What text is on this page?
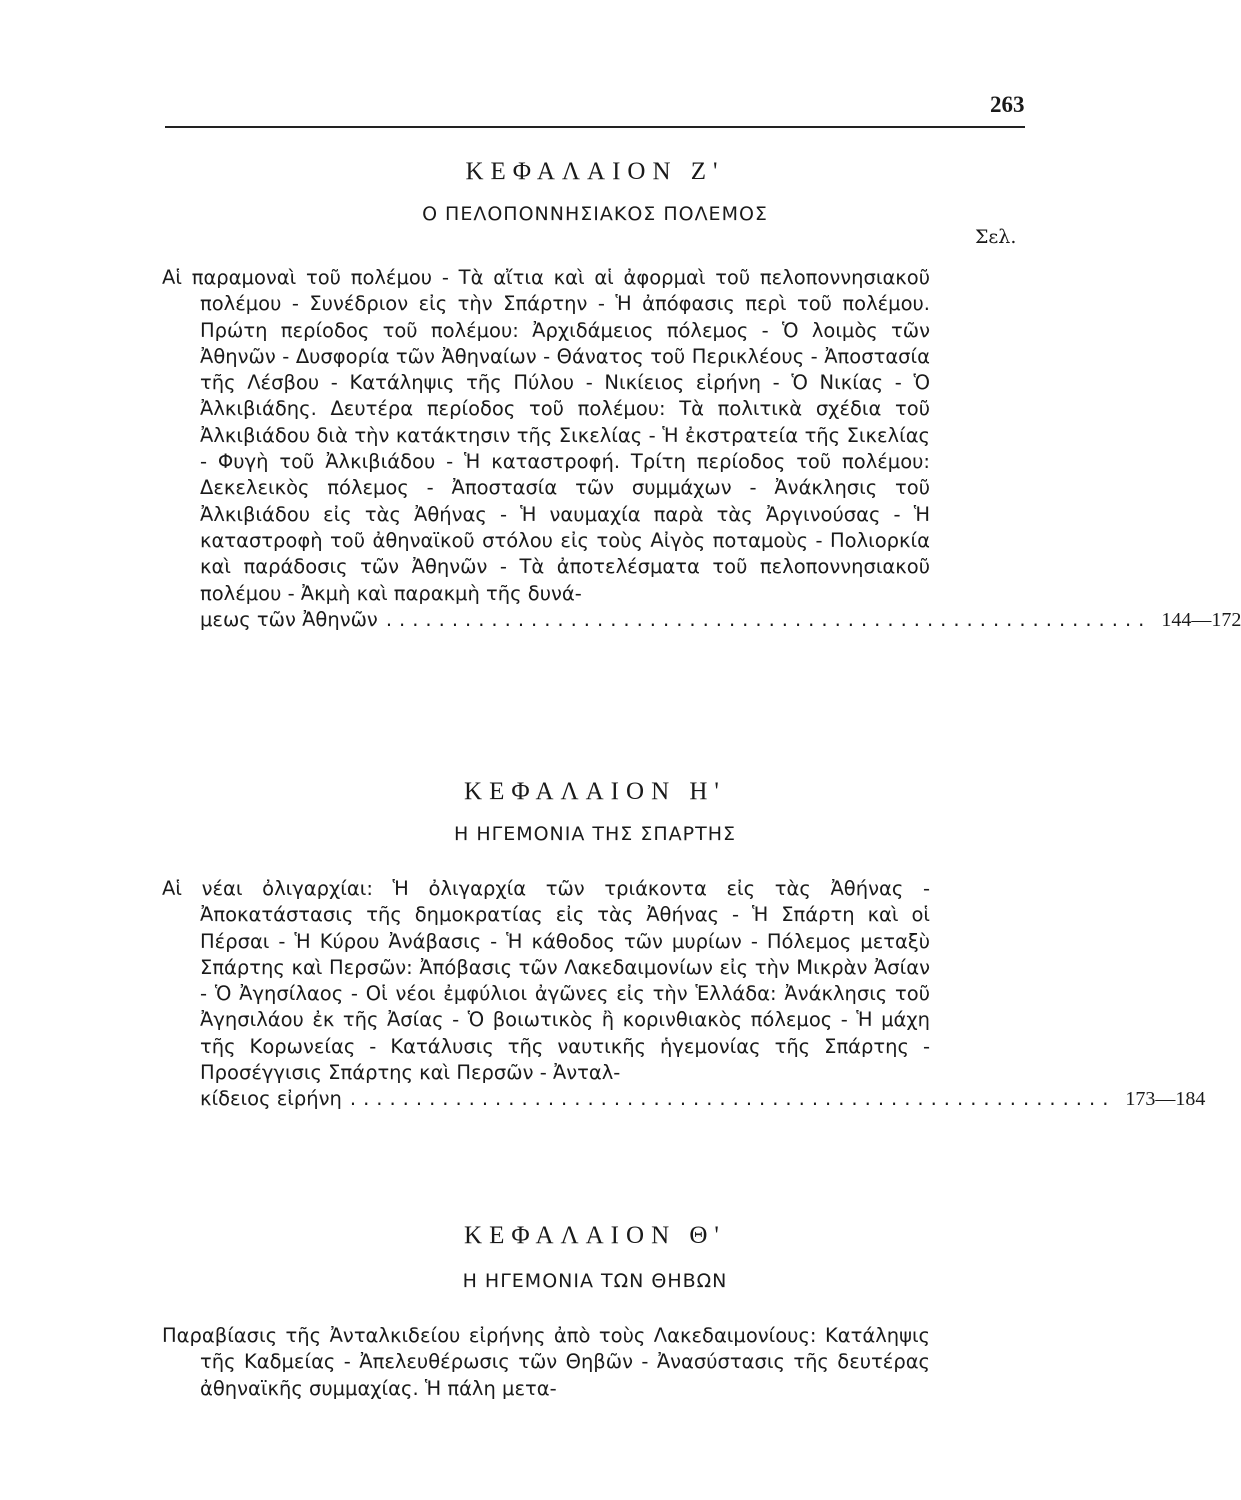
263
ΚΕΦΑΛΑΙΟΝ Ζ'
Ο ΠΕΛΟΠΟΝΝΗΣΙΑΚΟΣ ΠΟΛΕΜΟΣ
Σελ.

Αἱ παραμοναὶ τοῦ πολέμου - Τὰ αἴτια καὶ αἱ ἀφορμαὶ τοῦ πελοποννησιακοῦ πολέμου - Συνέδριον εἰς τὴν Σπάρτην - Ἡ ἀπόφασις περὶ τοῦ πολέμου. Πρώτη περίοδος τοῦ πολέμου: Ἀρχιδάμειος πόλεμος - Ὁ λοιμὸς τῶν Ἀθηνῶν - Δυσφορία τῶν Ἀθηναίων - Θάνατος τοῦ Περικλέους - Ἀποστασία τῆς Λέσβου - Κατάληψις τῆς Πύλου - Νικίειος εἰρήνη - Ὁ Νικίας - Ὁ Ἀλκιβιάδης. Δευτέρα περίοδος τοῦ πολέμου: Τὰ πολιτικὰ σχέδια τοῦ Ἀλκιβιάδου διὰ τὴν κατάκτησιν τῆς Σικελίας - Ἡ ἐκστρατεία τῆς Σικελίας - Φυγὴ τοῦ Ἀλκιβιάδου - Ἡ καταστροφή. Τρίτη περίοδος τοῦ πολέμου: Δεκελεικὸς πόλεμος - Ἀποστασία τῶν συμμάχων - Ἀνάκλησις τοῦ Ἀλκιβιάδου εἰς τὰς Ἀθήνας - Ἡ ναυμαχία παρὰ τὰς Ἀργινούσας - Ἡ καταστροφὴ τοῦ ἀθηναϊκοῦ στόλου εἰς τοὺς Αἰγὸς ποταμοὺς - Πολιορκία καὶ παράδοσις τῶν Ἀθηνῶν - Τὰ ἀποτελέσματα τοῦ πελοποννησιακοῦ πολέμου - Ἀκμὴ καὶ παρακμὴ τῆς δυνά-

μεως τῶν Ἀθηνῶν .......................................................... 144—172
ΚΕΦΑΛΑΙΟΝ Η'
Η ΗΓΕΜΟΝΙΑ ΤΗΣ ΣΠΑΡΤΗΣ

Αἱ νέαι ὀλιγαρχίαι: Ἡ ὀλιγαρχία τῶν τριάκοντα εἰς τὰς Ἀθήνας - Ἀποκατάστασις τῆς δημοκρατίας εἰς τὰς Ἀθήνας - Ἡ Σπάρτη καὶ οἱ Πέρσαι - Ἡ Κύρου Ἀνάβασις - Ἡ κάθοδος τῶν μυρίων - Πόλεμος μεταξὺ Σπάρτης καὶ Περσῶν: Ἀπόβασις τῶν Λακεδαιμονίων εἰς τὴν Μικρὰν Ἀσίαν - Ὁ Ἀγησίλαος - Οἱ νέοι ἐμφύλιοι ἀγῶνες εἰς τὴν Ἑλλάδα: Ἀνάκλησις τοῦ Ἀγησιλάου ἐκ τῆς Ἀσίας - Ὁ βοιωτικὸς ἢ κορινθιακὸς πόλεμος - Ἡ μάχη τῆς Κορωνείας - Κατάλυσις τῆς ναυτικῆς ἡγεμονίας τῆς Σπάρτης - Προσέγγισις Σπάρτης καὶ Περσῶν - Ἀνταλ-

κίδειος εἰρήνη .......................................................... 173—184
ΚΕΦΑΛΑΙΟΝ Θ'
Η ΗΓΕΜΟΝΙΑ ΤΩΝ ΘΗΒΩΝ

Παραβίασις τῆς Ἀνταλκιδείου εἰρήνης ἀπὸ τοὺς Λακεδαιμονίους: Κατάληψις τῆς Καδμείας - Ἀπελευθέρωσις τῶν Θηβῶν - Ἀνασύστασις τῆς δευτέρας ἀθηναϊκῆς συμμαχίας. Ἡ πάλη μετα-
